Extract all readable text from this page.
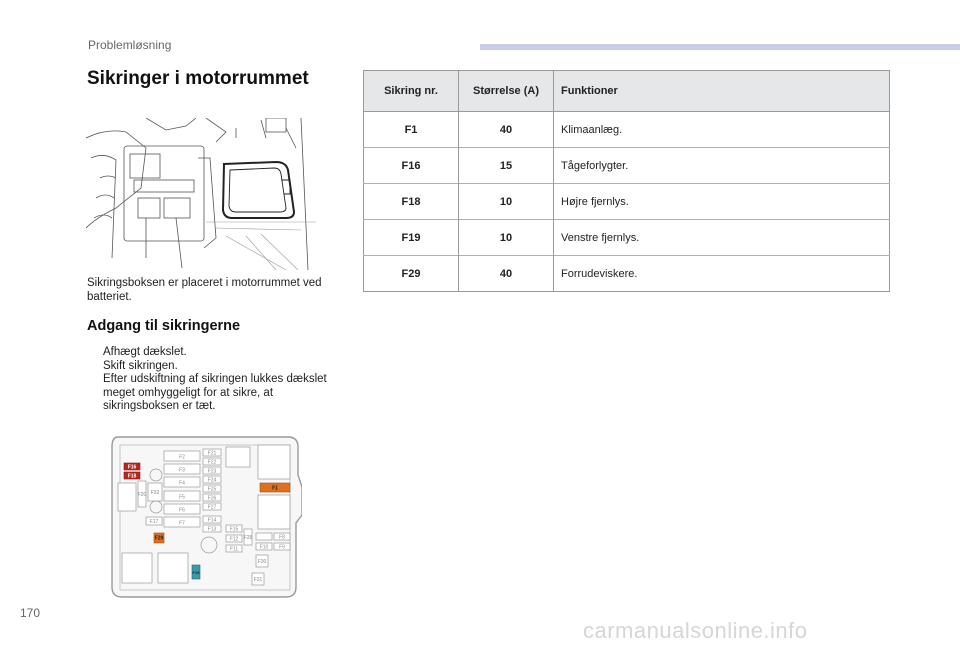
Problemløsning
Sikringer i motorrummet
Sikringsboksen er placeret i motorrummet ved batteriet.
Adgang til sikringerne
Afhægt dækslet.
Skift sikringen.
Efter udskiftning af sikringen lukkes dækslet meget omhyggeligt for at sikre, at sikringsboksen er tæt.
F2
F3
F4
F5
F6
F7
F21
F22
F23
F24
F25
F26
F27
F14
F13
F20 F32
F17
F15
F12
F11
F28	F8
F10 F9
F30
F31
F16
F18
F1
F29
F19
Sikring nr.	Størrelse (A)	Funktioner
F1	40	Klimaanlæg.
F16	15	Tågeforlygter.
F18	10	Højre fjernlys.
F19	10	Venstre fjernlys.
F29	40	Forrudeviskere.
170
carmanualsonline.info
